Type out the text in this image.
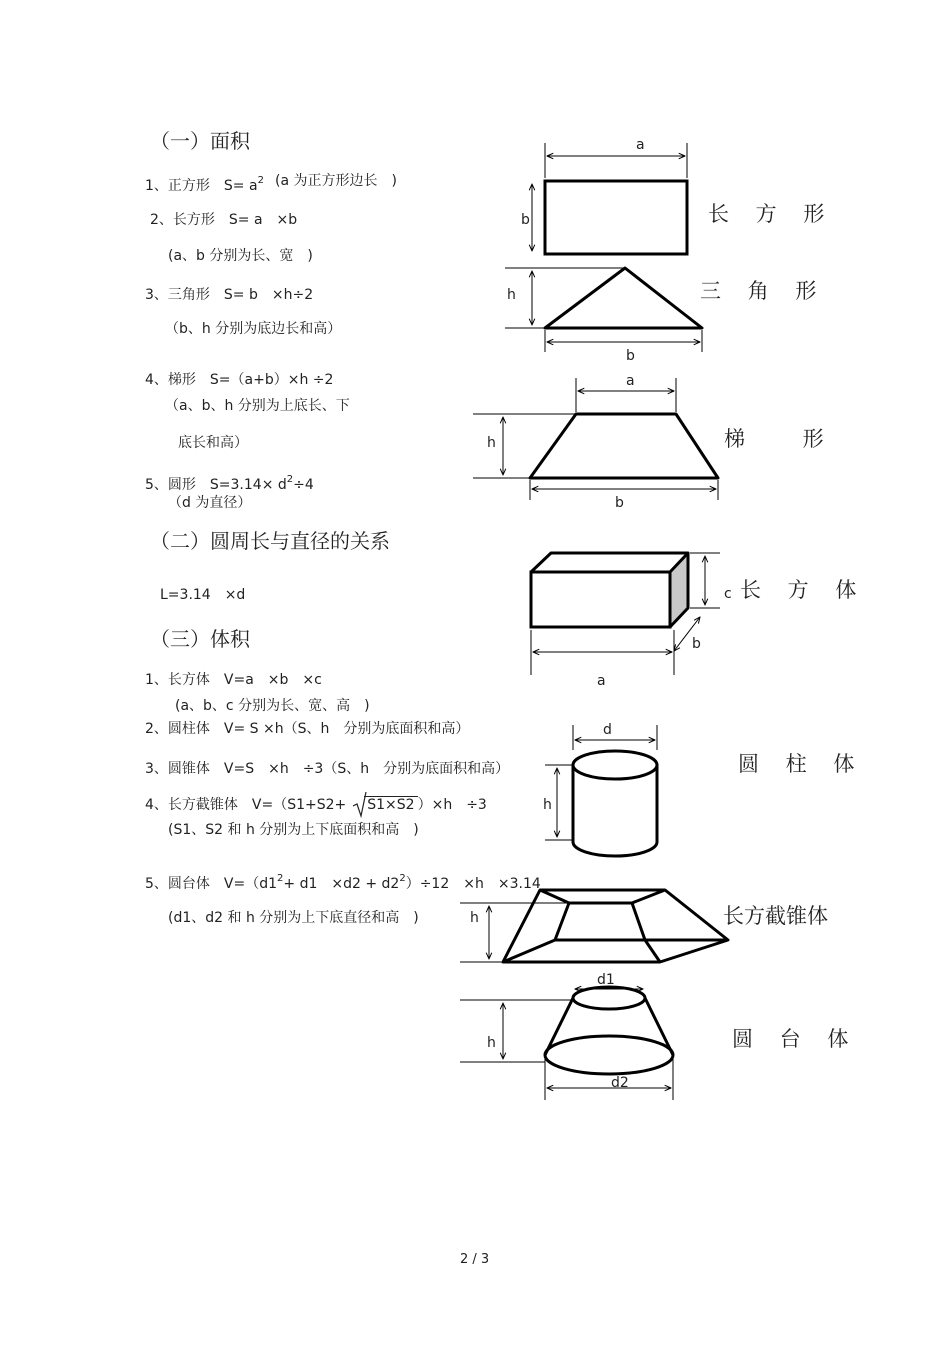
（一）面积
1、正方形　$S= a^2$ (a 为正方形边长　)
2、长方形　S= a　×b
(a、b 分别为长、宽　)
3、三角形　S= b　×h÷2
（b、h 分别为底边长和高）
4、梯形　S=（a+b）×h ÷2
（a、b、h 分别为上底长、下
底长和高）
5、圆形　$S=3.14\times d^2\div 4$
（d 为直径）
（二）圆周长与直径的关系
L=3.14　×d
（三）体积
1、长方体　V=a　×b　×c
(a、b、c 分别为长、宽、高　)
2、圆柱体　V= S ×h（S、h　分别为底面积和高）
3、圆锥体　V=S　×h　÷3（S、h　分别为底面积和高）
4、长方截锥体　V=（S1+S2+ S1×S2 ）×h　÷3
(S1、S2 和 h 分别为上下底面积和高　)
5、圆台体　$V=(d1^2+ d1$　$\times d2 + d2^2)\div 12$　×h　×3.14
(d1、d2 和 h 分别为上下底直径和高　)
长 方 形
三 角 形
梯　 形
长 方 体
圆 柱 体
长方截锥体
圆 台 体
a
b
h
b
a
h
b
c
b
a
d
h
h
d1
h
d2
2 / 3
